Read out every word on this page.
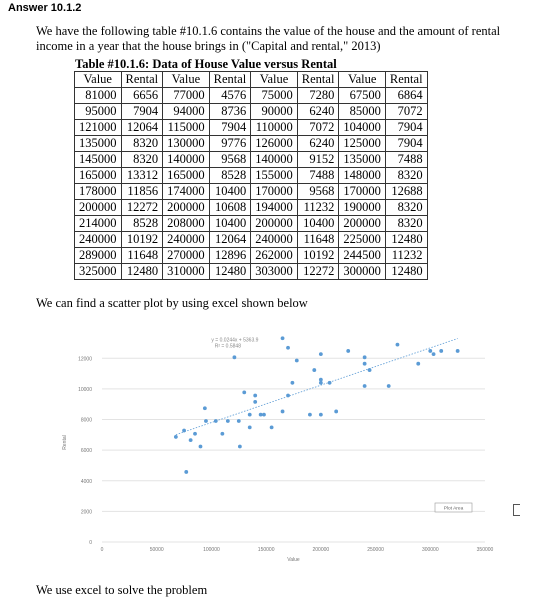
Answer 10.1.2
We have the following table #10.1.6 contains the value of the house and the amount of rental income in a year that the house brings in ("Capital and rental," 2013)
Table #10.1.6: Data of House Value versus Rental
Value	Rental	Value	Rental	Value	Rental	Value	Rental
81000	6656	77000	4576	75000	7280	67500	6864
95000	7904	94000	8736	90000	6240	85000	7072
121000	12064	115000	7904	110000	7072	104000	7904
135000	8320	130000	9776	126000	6240	125000	7904
145000	8320	140000	9568	140000	9152	135000	7488
165000	13312	165000	8528	155000	7488	148000	8320
178000	11856	174000	10400	170000	9568	170000	12688
200000	12272	200000	10608	194000	11232	190000	8320
214000	8528	208000	10400	200000	10400	200000	8320
240000	10192	240000	12064	240000	11648	225000	12480
289000	11648	270000	12896	262000	10192	244500	11232
325000	12480	310000	12480	303000	12272	300000	12480
We can find a scatter plot by using excel shown below
0
2000
4000
6000
8000
10000
12000
0	50000	100000	150000	200000	250000	300000	350000
Value
Rental
y = 0.0244x + 5363.9
R² = 0.5848
Plot Area
We use excel to solve the problem
